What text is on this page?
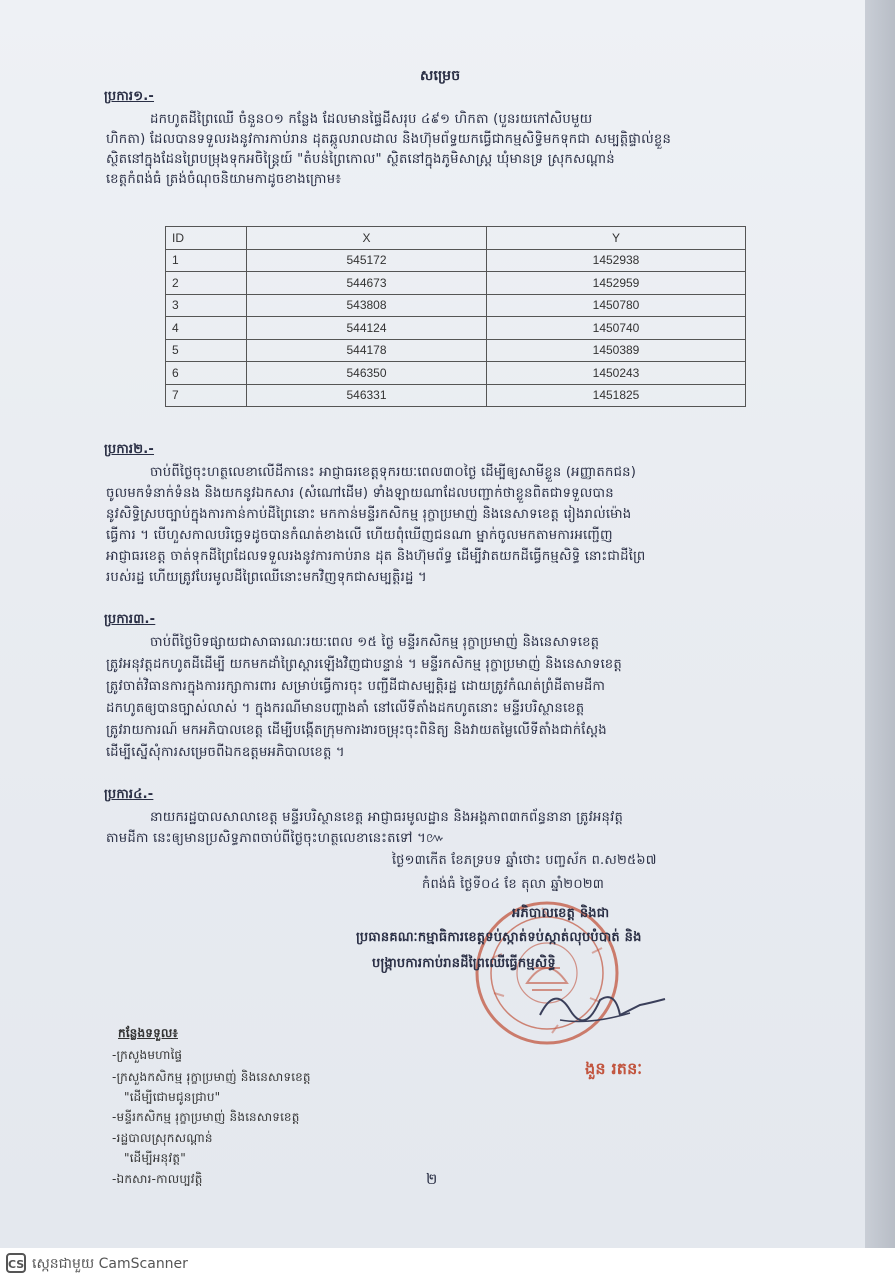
សម្រេច
ប្រការ១.-
ដកហូតដីព្រៃឈើ ចំនួន០១ កន្លែង ដែលមានផ្ទៃដីសរុប ៤៩១ ហិកតា (បួនរយកៅសិបមួយ
ហិកតា) ដែលបានទទួលរងនូវការកាប់រាន ដុតឆ្កូលរាលដាល និងហ៊ុមព័ទ្ធយកធ្វើជាកម្មសិទ្ធិមកទុកជា សម្បត្តិផ្ទាល់ខ្លួន
ស្ថិតនៅក្នុងដែនព្រៃបម្រុងទុកអចិន្ត្រៃយ៍ "តំបន់ព្រៃកោល" ស្ថិតនៅក្នុងភូមិសាស្ត្រ ឃុំមានទ្រ ស្រុកសណ្ដាន់
ខេត្តកំពង់ធំ ត្រង់ចំណុចនិយាមកាដូចខាងក្រោម៖
ID	X	Y
1	545172	1452938
2	544673	1452959
3	543808	1450780
4	544124	1450740
5	544178	1450389
6	546350	1450243
7	546331	1451825
ប្រការ២.-
ចាប់ពីថ្ងៃចុះហត្ថលេខាលើដីកានេះ អាជ្ញាធរខេត្តទុករយៈពេល៣០ថ្ងៃ ដើម្បីឲ្យសាមីខ្លួន (អញ្ញាតកជន)
ចូលមកទំនាក់ទំនង និងយកនូវឯកសារ (សំណៅដើម) ទាំងឡាយណាដែលបញ្ជាក់ថាខ្លួនពិតជាទទួលបាន
នូវសិទ្ធិស្របច្បាប់ក្នុងការកាន់កាប់ដីព្រៃនោះ មកកាន់មន្ទីរកសិកម្ម រុក្ខាប្រមាញ់ និងនេសាទខេត្ត រៀងរាល់ម៉ោង
ធ្វើការ ។ បើហួសកាលបរិច្ឆេទដូចបានកំណត់ខាងលើ ហើយពុំឃើញជនណា ម្នាក់ចូលមកតាមការអញ្ជើញ
អាជ្ញាធរខេត្ត ចាត់ទុកដីព្រៃដែលទទួលរងនូវការកាប់រាន ដុត និងហ៊ុមព័ទ្ធ ដើម្បីវាតយកដីធ្វើកម្មសិទ្ធិ នោះជាដីព្រៃ
របស់រដ្ឋ ហើយត្រូវបែរមូលដីព្រៃឈើនោះមកវិញទុកជាសម្បត្តិរដ្ឋ ។
ប្រការ៣.-
ចាប់ពីថ្ងៃបិទផ្សាយជាសាធារណៈរយៈពេល ១៥ ថ្ងៃ មន្ទីរកសិកម្ម រុក្ខាប្រមាញ់ និងនេសាទខេត្ត
ត្រូវអនុវត្តដកហូតដីដើម្បី យកមកដាំព្រៃស្ដារឡើងវិញជាបន្ទាន់ ។ មន្ទីរកសិកម្ម រុក្ខាប្រមាញ់ និងនេសាទខេត្ត
ត្រូវចាត់វិធានការក្នុងការរក្សាការពារ សម្រាប់ធ្វើការចុះ បញ្ជីដីជាសម្បត្តិរដ្ឋ ដោយត្រូវកំណត់ព្រំដីតាមដីកា
ដកហូតឲ្យបានច្បាស់លាស់ ។ ក្នុងករណីមានបញ្ហាងគាំ នៅលើទីតាំងដកហូតនោះ មន្ទីរបរិស្ថានខេត្ត
ត្រូវរាយការណ៍ មកអភិបាលខេត្ត ដើម្បីបង្កើតក្រុមការងារចម្រុះចុះពិនិត្យ និងវាយតម្លៃលើទីតាំងជាក់ស្ដែង
ដើម្បីស្នើសុំការសម្រេចពីឯកឧត្តមអភិបាលខេត្ត ។
ប្រការ៤.-
នាយករដ្ឋបាលសាលាខេត្ត មន្ទីរបរិស្ថានខេត្ត អាជ្ញាធរមូលដ្ឋាន និងអង្គភាព៣កព័ន្ធនានា ត្រូវអនុវត្ត
តាមដីកា នេះឲ្យមានប្រសិទ្ធភាពចាប់ពីថ្ងៃចុះហត្ថលេខានេះតទៅ ។៚
ថ្ងៃ១៣កើត ខែភទ្របទ ឆ្នាំថោះ បញ្ចស័ក ព.ស២៥៦៧
កំពង់ធំ ថ្ងៃទី០៤ ខែ តុលា ឆ្នាំ២០២៣
អភិបាលខេត្ត និងជា
ប្រធានគណៈកម្មាធិការខេត្តទប់ស្កាត់ទប់ស្កាត់លុបបំបាត់ និង
បង្ក្រាបការកាប់រានដីព្រៃឈើធ្វើកម្មសិទ្ធិ
ងួន រតនៈ
កន្លែងទទួល៖
-ក្រសួងមហាផ្ទៃ
-ក្រសួងកសិកម្ម រុក្ខាប្រមាញ់ និងនេសាទខេត្ត
"ដើម្បីជោមជូនជ្រាប"
-មន្ទីរកសិកម្ម រុក្ខាប្រមាញ់ និងនេសាទខេត្ត
-រដ្ឋបាលស្រុកសណ្ដាន់
"ដើម្បីអនុវត្ត"
-ឯកសារ-កាលប្បវត្តិ	២
CS ស្កេនជាមួយ CamScanner
